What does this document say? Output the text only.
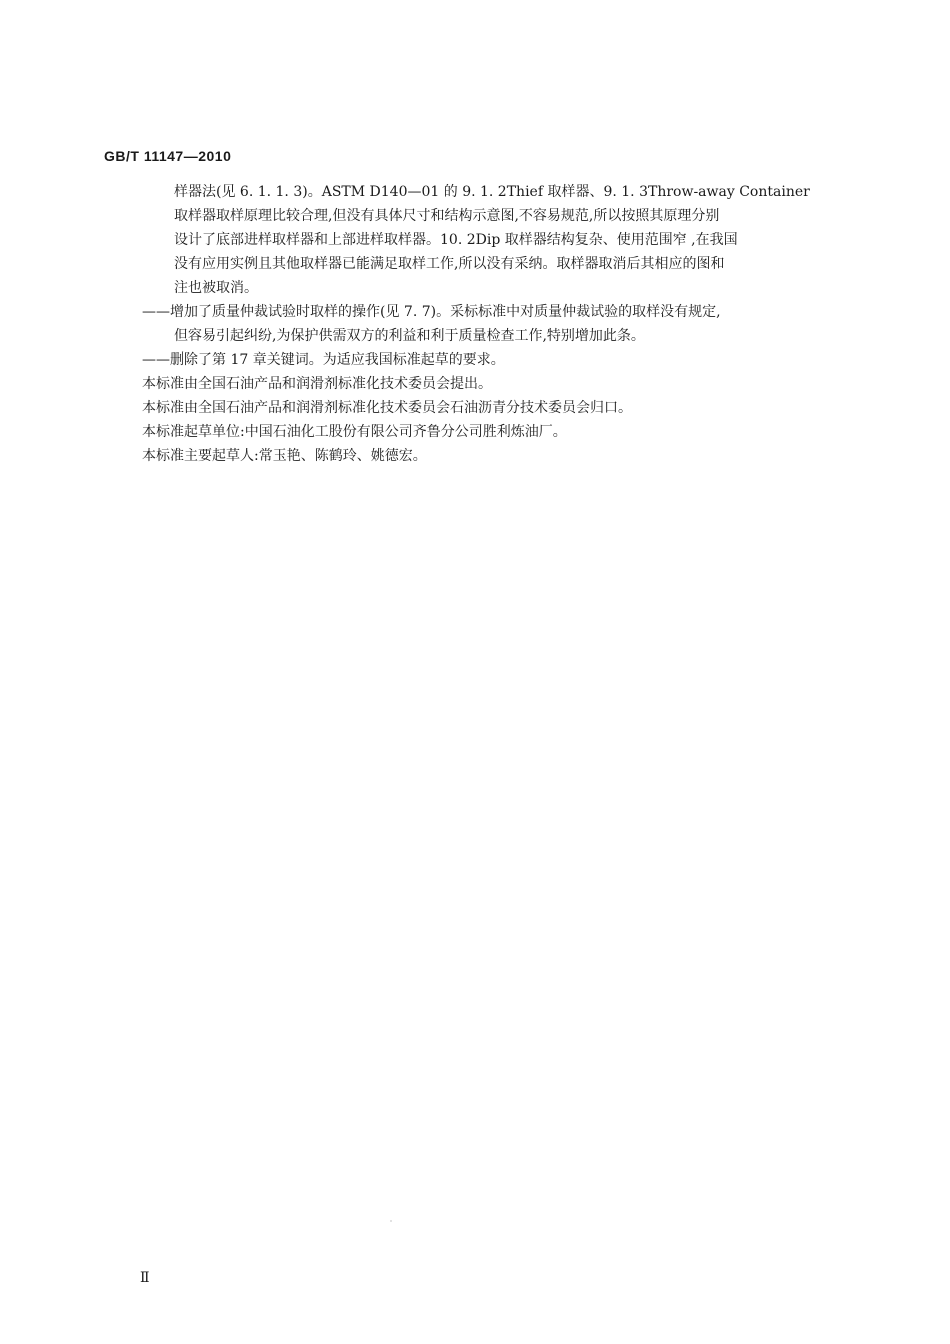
GB/T 11147—2010
样器法(见 6. 1. 1. 3)。ASTM D140—01 的 9. 1. 2Thief 取样器、9. 1. 3Throw-away Container
取样器取样原理比较合理,但没有具体尺寸和结构示意图,不容易规范,所以按照其原理分别
设计了底部进样取样器和上部进样取样器。10. 2Dip 取样器结构复杂、使用范围窄 ,在我国
没有应用实例且其他取样器已能满足取样工作,所以没有采纳。取样器取消后其相应的图和
注也被取消。
——增加了质量仲裁试验时取样的操作(见 7. 7)。采标标准中对质量仲裁试验的取样没有规定,
但容易引起纠纷,为保护供需双方的利益和利于质量检查工作,特别增加此条。
——删除了第 17 章关键词。为适应我国标准起草的要求。
本标准由全国石油产品和润滑剂标准化技术委员会提出。
本标准由全国石油产品和润滑剂标准化技术委员会石油沥青分技术委员会归口。
本标准起草单位:中国石油化工股份有限公司齐鲁分公司胜利炼油厂。
本标准主要起草人:常玉艳、陈鹤玲、姚德宏。
Ⅱ
